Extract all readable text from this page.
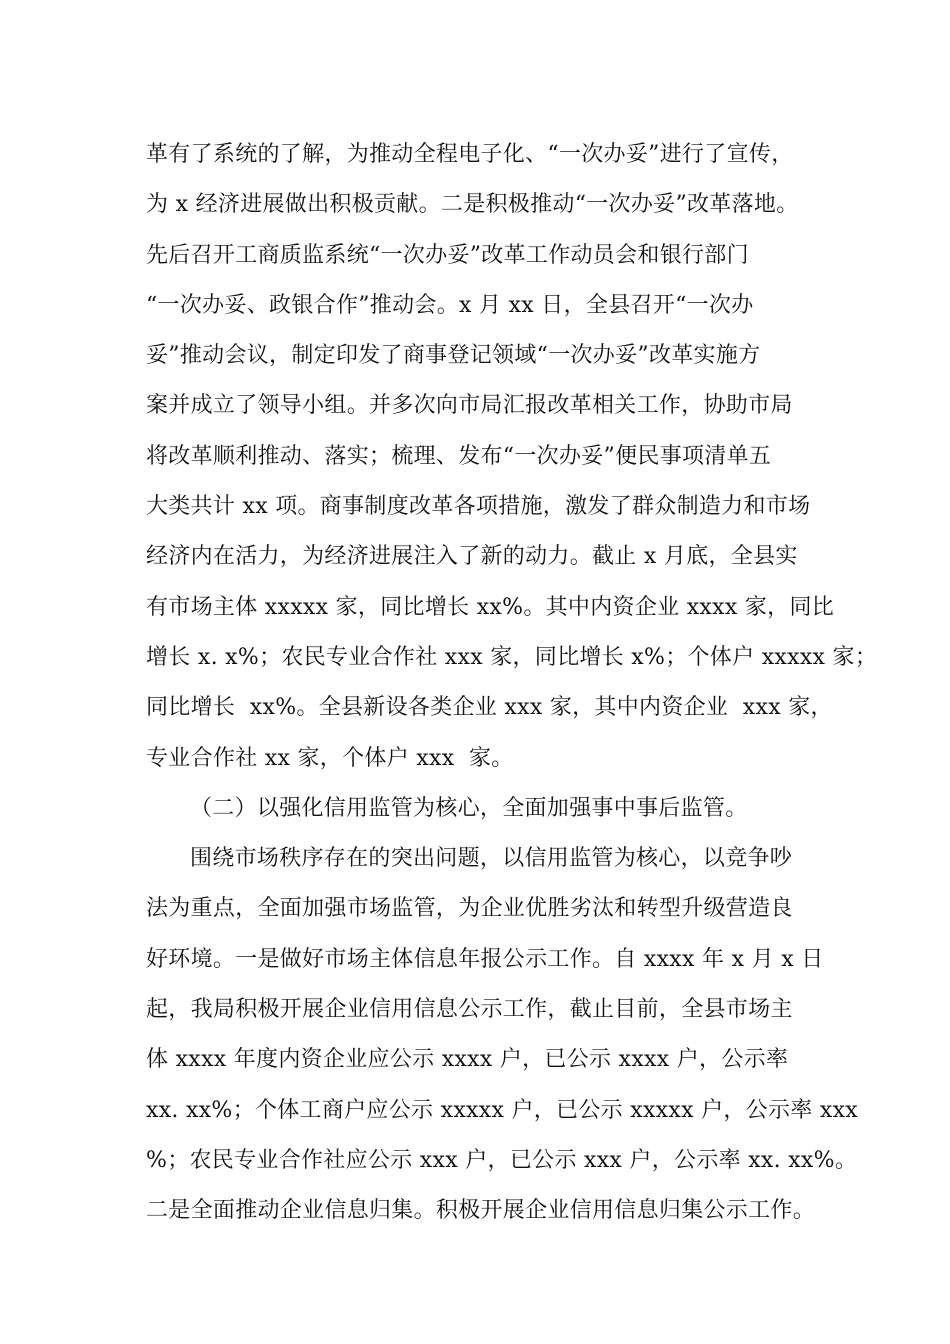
革有了系统的了解，为推动全程电子化、“一次办妥”进行了宣传，
为 x 经济进展做出积极贡献。二是积极推动“一次办妥”改革落地。
先后召开工商质监系统“一次办妥”改革工作动员会和银行部门
“一次办妥、政银合作”推动会。x 月 xx 日，全县召开“一次办
妥”推动会议，制定印发了商事登记领域“一次办妥”改革实施方
案并成立了领导小组。并多次向市局汇报改革相关工作，协助市局
将改革顺利推动、落实；梳理、发布“一次办妥”便民事项清单五
大类共计 xx 项。商事制度改革各项措施，激发了群众制造力和市场
经济内在活力，为经济进展注入了新的动力。截止 x 月底，全县实
有市场主体 xxxxx 家，同比增长 xx%。其中内资企业 xxxx 家，同比
增长 x. x%；农民专业合作社 xxx 家，同比增长 x%；个体户 xxxxx 家；
同比增长  xx%。全县新设各类企业 xxx 家，其中内资企业  xxx 家，
专业合作社 xx 家，个体户 xxx  家。
（二）以强化信用监管为核心，全面加强事中事后监管。
围绕市场秩序存在的突出问题，以信用监管为核心，以竞争吵
法为重点，全面加强市场监管，为企业优胜劣汰和转型升级营造良
好环境。一是做好市场主体信息年报公示工作。自 xxxx 年 x 月 x 日
起，我局积极开展企业信用信息公示工作，截止目前，全县市场主
体 xxxx 年度内资企业应公示 xxxx 户，已公示 xxxx 户，公示率
xx. xx%；个体工商户应公示 xxxxx 户，已公示 xxxxx 户，公示率 xxx
%；农民专业合作社应公示 xxx 户，已公示 xxx 户，公示率 xx. xx%。
二是全面推动企业信息归集。积极开展企业信用信息归集公示工作。
